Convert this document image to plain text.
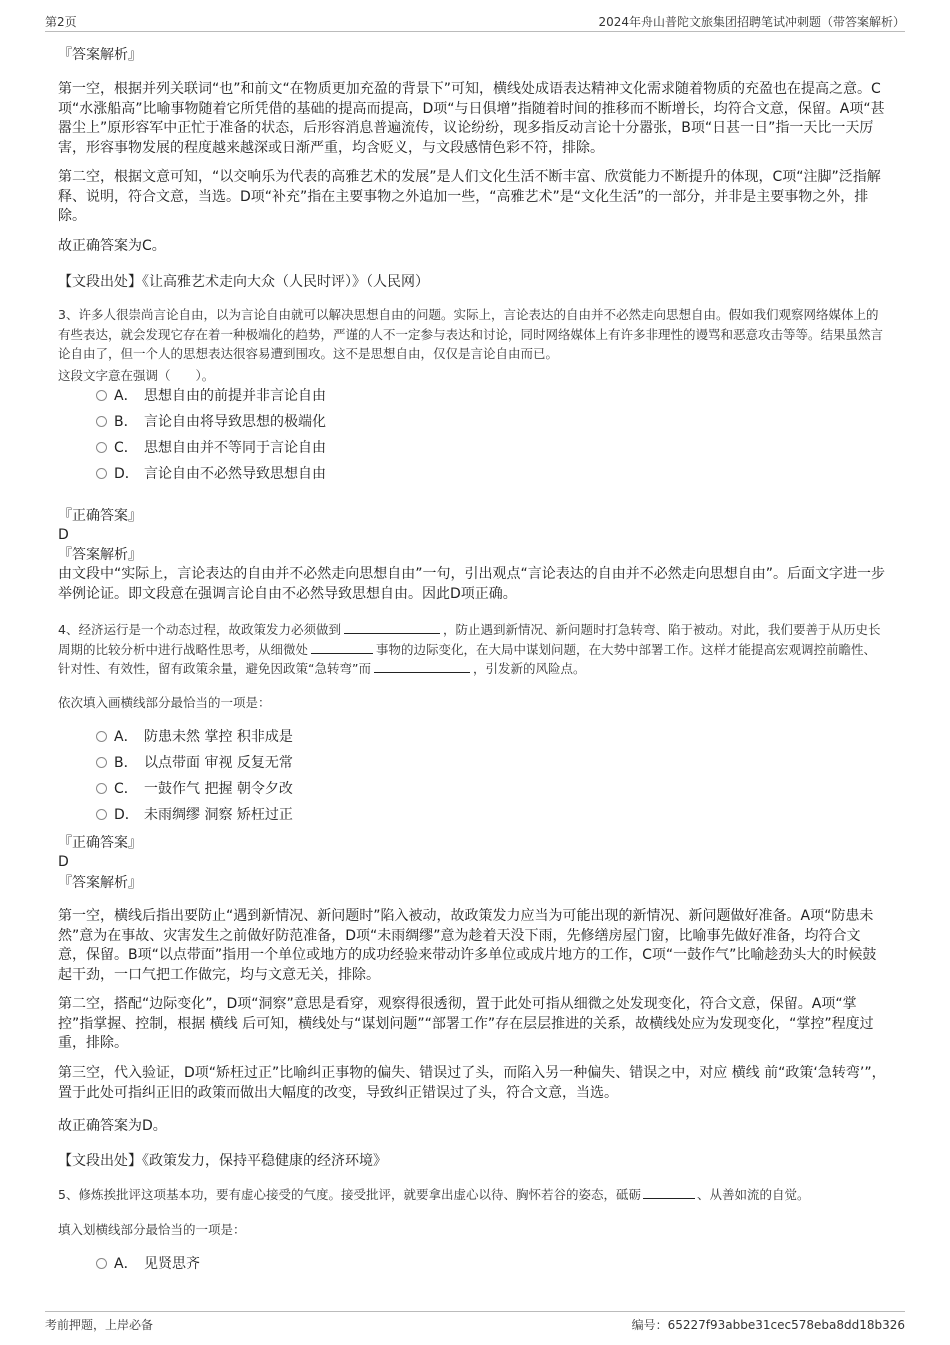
第2页	2024年舟山普陀文旅集团招聘笔试冲刺题（带答案解析）
『答案解析』
第一空，根据并列关联词“也”和前文“在物质更加充盈的背景下”可知，横线处成语表达精神文化需求随着物质的充盈也在提高之意。C项“水涨船高”比喻事物随着它所凭借的基础的提高而提高，D项“与日俱增”指随着时间的推移而不断增长，均符合文意，保留。A项“甚嚣尘上”原形容军中正忙于准备的状态，后形容消息普遍流传，议论纷纷，现多指反动言论十分嚣张，B项“日甚一日”指一天比一天厉害，形容事物发展的程度越来越深或日渐严重，均含贬义，与文段感情色彩不符，排除。
第二空，根据文意可知，“以交响乐为代表的高雅艺术的发展”是人们文化生活不断丰富、欣赏能力不断提升的体现，C项“注脚”泛指解释、说明，符合文意，当选。D项“补充”指在主要事物之外追加一些，“高雅艺术”是“文化生活”的一部分，并非是主要事物之外，排除。
故正确答案为C。
【文段出处】《让高雅艺术走向大众（人民时评）》（人民网）
3、许多人很崇尚言论自由，以为言论自由就可以解决思想自由的问题。实际上，言论表达的自由并不必然走向思想自由。假如我们观察网络媒体上的有些表达，就会发现它存在着一种极端化的趋势，严谨的人不一定参与表达和讨论，同时网络媒体上有许多非理性的谩骂和恶意攻击等等。结果虽然言论自由了，但一个人的思想表达很容易遭到围攻。这不是思想自由，仅仅是言论自由而已。
这段文字意在强调（　　）。
A． 思想自由的前提并非言论自由
B． 言论自由将导致思想的极端化
C． 思想自由并不等同于言论自由
D． 言论自由不必然导致思想自由
『正确答案』
D
『答案解析』
由文段中“实际上，言论表达的自由并不必然走向思想自由”一句，引出观点“言论表达的自由并不必然走向思想自由”。后面文字进一步举例论证。即文段意在强调言论自由不必然导致思想自由。因此D项正确。
4、经济运行是一个动态过程，故政策发力必须做到	，防止遇到新情况、新问题时打急转弯、陷于被动。对此，我们要善于从历史长周期的比较分析中进行战略性思考，从细微处	事物的边际变化，在大局中谋划问题，在大势中部署工作。这样才能提高宏观调控前瞻性、针对性、有效性，留有政策余量，避免因政策“急转弯”而	，引发新的风险点。
依次填入画横线部分最恰当的一项是：
A． 防患未然 掌控 积非成是
B． 以点带面 审视 反复无常
C． 一鼓作气 把握 朝令夕改
D． 未雨绸缪 洞察 矫枉过正
『正确答案』
D
『答案解析』
第一空，横线后指出要防止“遇到新情况、新问题时”陷入被动，故政策发力应当为可能出现的新情况、新问题做好准备。A项“防患未然”意为在事故、灾害发生之前做好防范准备，D项“未雨绸缪”意为趁着天没下雨，先修缮房屋门窗，比喻事先做好准备，均符合文意，保留。B项“以点带面”指用一个单位或地方的成功经验来带动许多单位或成片地方的工作，C项“一鼓作气”比喻趁劲头大的时候鼓起干劲，一口气把工作做完，均与文意无关，排除。
第二空，搭配“边际变化”，D项“洞察”意思是看穿，观察得很透彻，置于此处可指从细微之处发现变化，符合文意，保留。A项“掌控”指掌握、控制，根据 横线 后可知，横线处与“谋划问题”“部署工作”存在层层推进的关系，故横线处应为发现变化，“掌控”程度过重，排除。
第三空，代入验证，D项“矫枉过正”比喻纠正事物的偏失、错误过了头，而陷入另一种偏失、错误之中，对应 横线 前“政策‘急转弯’”，置于此处可指纠正旧的政策而做出大幅度的改变，导致纠正错误过了头，符合文意，当选。
故正确答案为D。
【文段出处】《政策发力，保持平稳健康的经济环境》
5、修炼挨批评这项基本功，要有虚心接受的气度。接受批评，就要拿出虚心以待、胸怀若谷的姿态，砥砺	、从善如流的自觉。
填入划横线部分最恰当的一项是：
A． 见贤思齐
考前押题，上岸必备	编号：65227f93abbe31cec578eba8dd18b326
